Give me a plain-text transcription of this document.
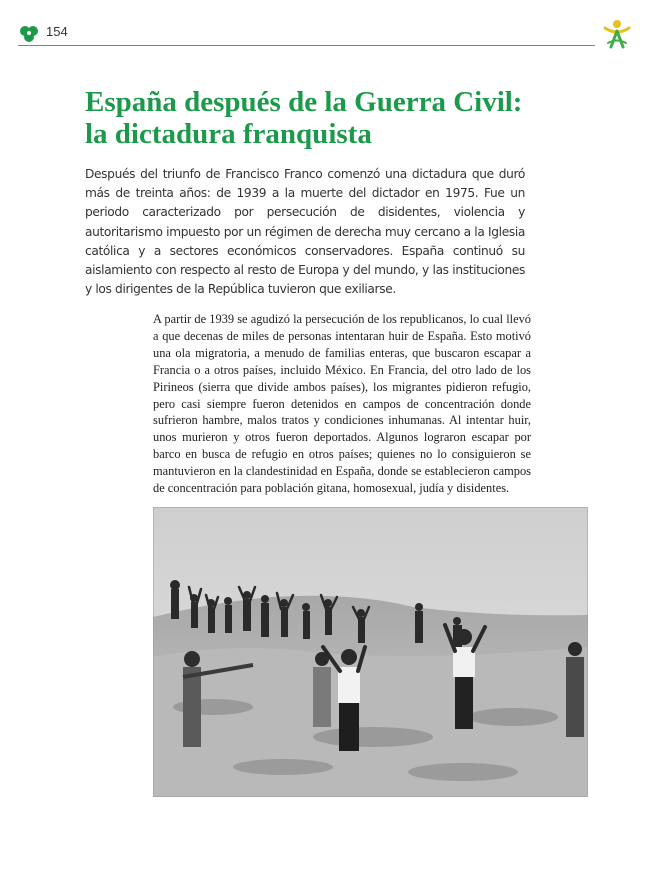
154
España después de la Guerra Civil:
la dictadura franquista

Después del triunfo de Francisco Franco comenzó una dictadura que duró más de treinta años: de 1939 a la muerte del dictador en 1975. Fue un periodo caracterizado por persecución de disidentes, violencia y autoritarismo impuesto por un régimen de derecha muy cercano a la Iglesia católica y a sectores económicos conservadores. España continuó su aislamiento con respecto al resto de Europa y del mundo, y las instituciones y los dirigentes de la República tuvieron que exiliarse.

A partir de 1939 se agudizó la persecución de los republicanos, lo cual llevó a que decenas de miles de personas intentaran huir de España. Esto motivó una ola migratoria, a menudo de familias enteras, que buscaron escapar a Francia o a otros países, incluido México. En Francia, del otro lado de los Pirineos (sierra que divide ambos países), los migrantes pidieron refugio, pero casi siempre fueron detenidos en campos de concentración donde sufrieron hambre, malos tratos y condiciones inhumanas. Al intentar huir, unos murieron y otros fueron deportados. Algunos lograron escapar por barco en busca de refugio en otros países; quienes no lo consiguieron se mantuvieron en la clandestinidad en España, donde se establecieron campos de concentración para población gitana, homosexual, judía y disidentes.
